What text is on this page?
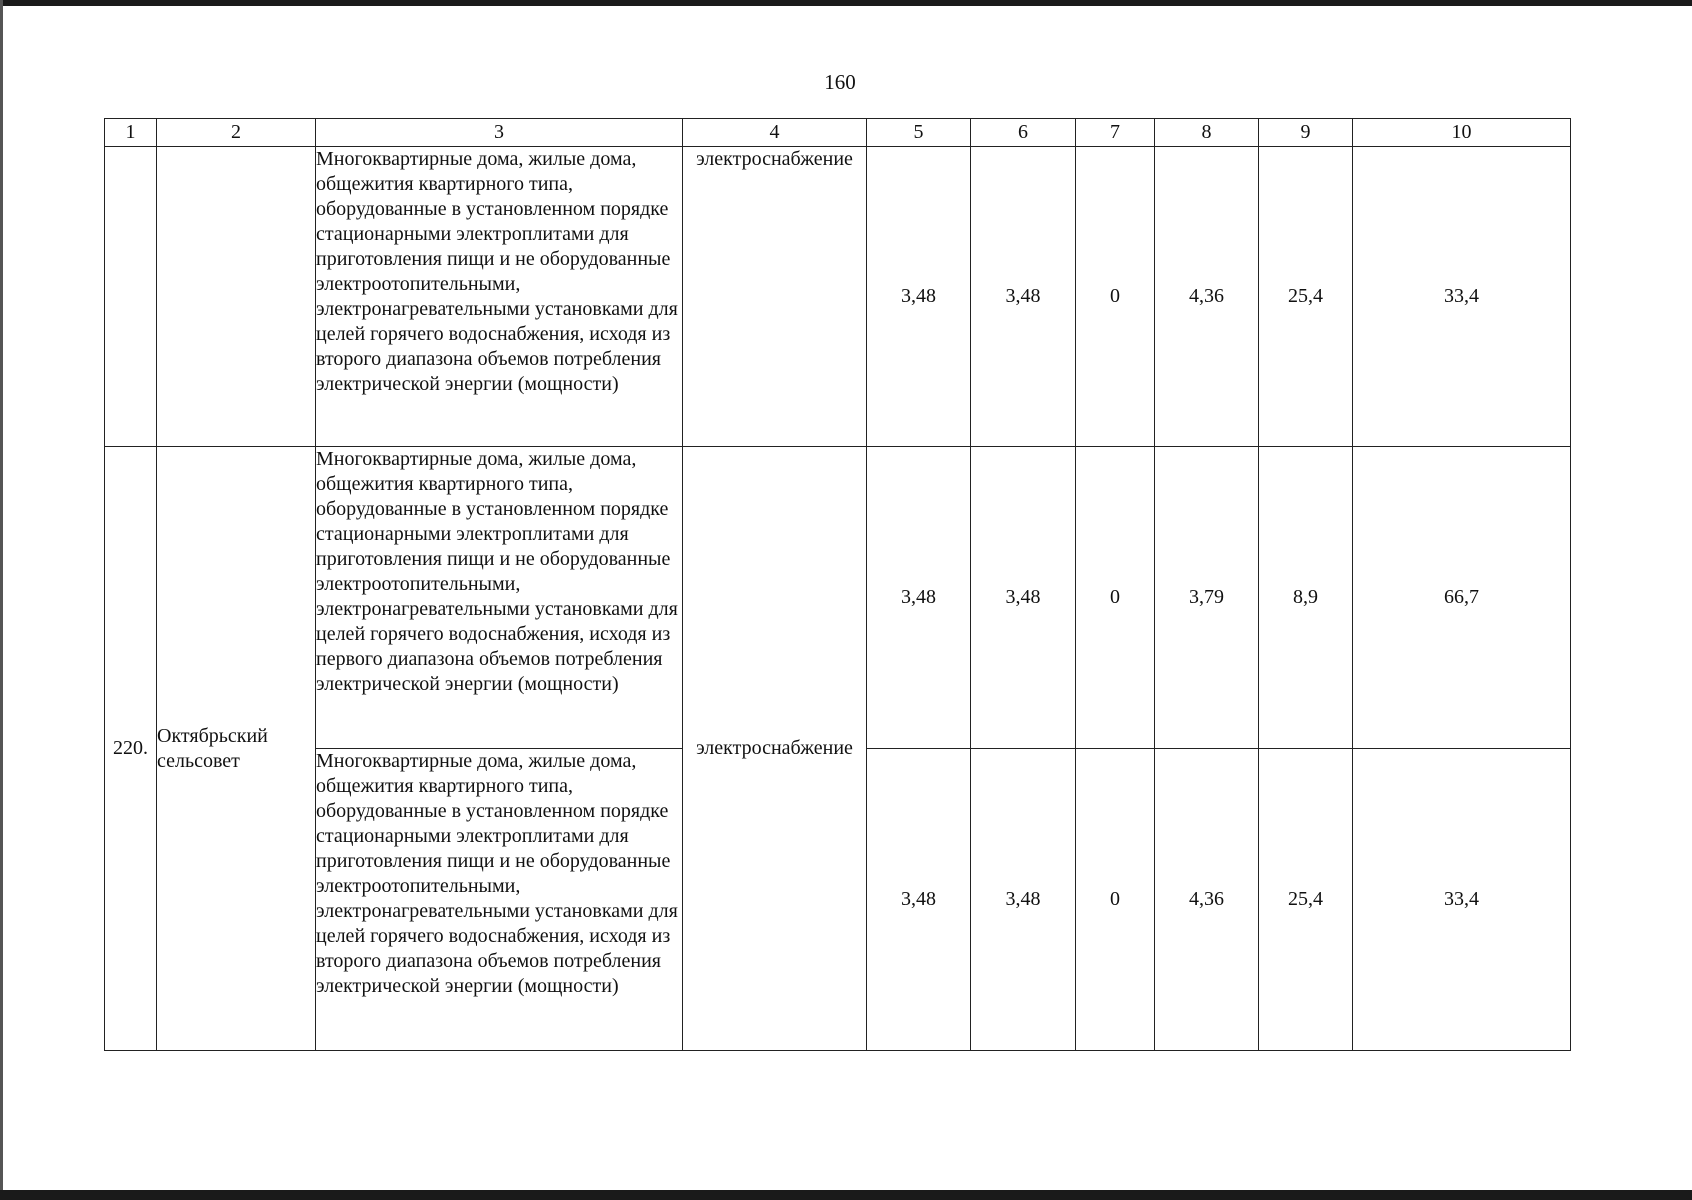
160
1	2	3	4	5	6	7	8	9	10
		Многоквартирные дома, жилые дома, общежития квартирного типа, оборудованные в установленном порядке стационарными электроплитами для приготовления пищи и не оборудованные электроотопительными, электронагревательными установками для целей горячего водоснабжения, исходя из второго диапазона объемов потребления электрической энергии (мощности)	электроснабжение	3,48	3,48	0	4,36	25,4	33,4
220.	Октябрьский сельсовет	Многоквартирные дома, жилые дома, общежития квартирного типа, оборудованные в установленном порядке стационарными электроплитами для приготовления пищи и не оборудованные электроотопительными, электронагревательными установками для целей горячего водоснабжения, исходя из первого диапазона объемов потребления электрической энергии (мощности)	электроснабжение	3,48	3,48	0	3,79	8,9	66,7
		Многоквартирные дома, жилые дома, общежития квартирного типа, оборудованные в установленном порядке стационарными электроплитами для приготовления пищи и не оборудованные электроотопительными, электронагревательными установками для целей горячего водоснабжения, исходя из второго диапазона объемов потребления электрической энергии (мощности)		3,48	3,48	0	4,36	25,4	33,4
